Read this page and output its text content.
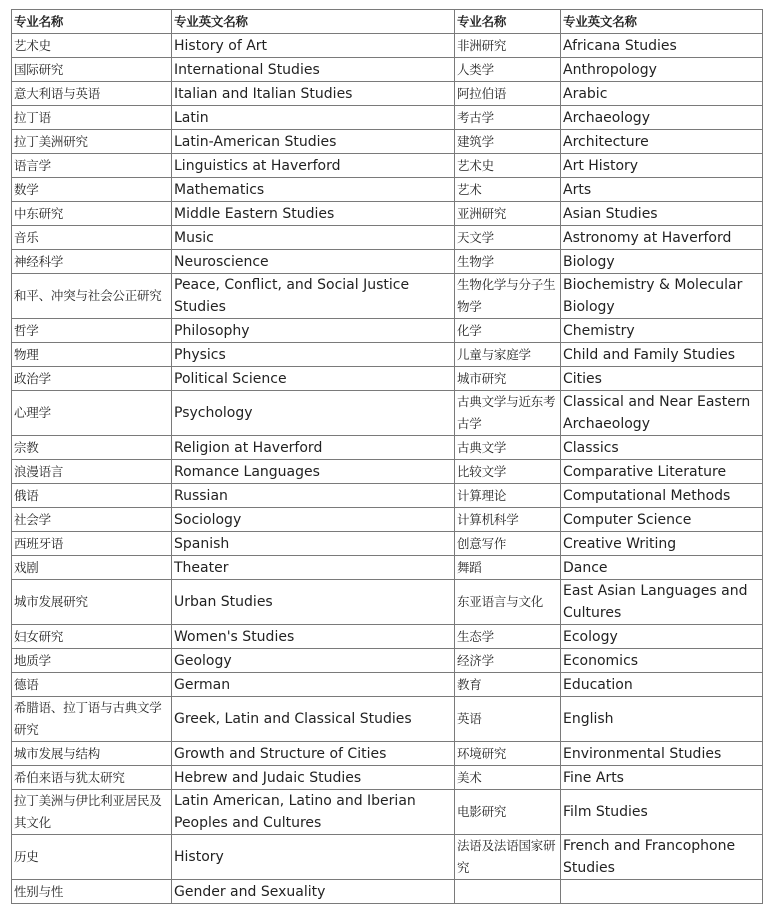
专业名称	专业英文名称	专业名称	专业英文名称
艺术史	History of Art	非洲研究	Africana Studies
国际研究	International Studies	人类学	Anthropology
意大利语与英语	Italian and Italian Studies	阿拉伯语	Arabic
拉丁语	Latin	考古学	Archaeology
拉丁美洲研究	Latin-American Studies	建筑学	Architecture
语言学	Linguistics at Haverford	艺术史	Art History
数学	Mathematics	艺术	Arts
中东研究	Middle Eastern Studies	亚洲研究	Asian Studies
音乐	Music	天文学	Astronomy at Haverford
神经科学	Neuroscience	生物学	Biology
和平、冲突与社会公正研究	Peace, Conflict, and Social Justice Studies	生物化学与分子生物学	Biochemistry & Molecular Biology
哲学	Philosophy	化学	Chemistry
物理	Physics	儿童与家庭学	Child and Family Studies
政治学	Political Science	城市研究	Cities
心理学	Psychology	古典文学与近东考古学	Classical and Near Eastern Archaeology
宗教	Religion at Haverford	古典文学	Classics
浪漫语言	Romance Languages	比较文学	Comparative Literature
俄语	Russian	计算理论	Computational Methods
社会学	Sociology	计算机科学	Computer Science
西班牙语	Spanish	创意写作	Creative Writing
戏剧	Theater	舞蹈	Dance
城市发展研究	Urban Studies	东亚语言与文化	East Asian Languages and Cultures
妇女研究	Women's Studies	生态学	Ecology
地质学	Geology	经济学	Economics
德语	German	教育	Education
希腊语、拉丁语与古典文学研究	Greek, Latin and Classical Studies	英语	English
城市发展与结构	Growth and Structure of Cities	环境研究	Environmental Studies
希伯来语与犹太研究	Hebrew and Judaic Studies	美术	Fine Arts
拉丁美洲与伊比利亚居民及其文化	Latin American, Latino and Iberian Peoples and Cultures	电影研究	Film Studies
历史	History	法语及法语国家研究	French and Francophone Studies
性别与性	Gender and Sexuality		
